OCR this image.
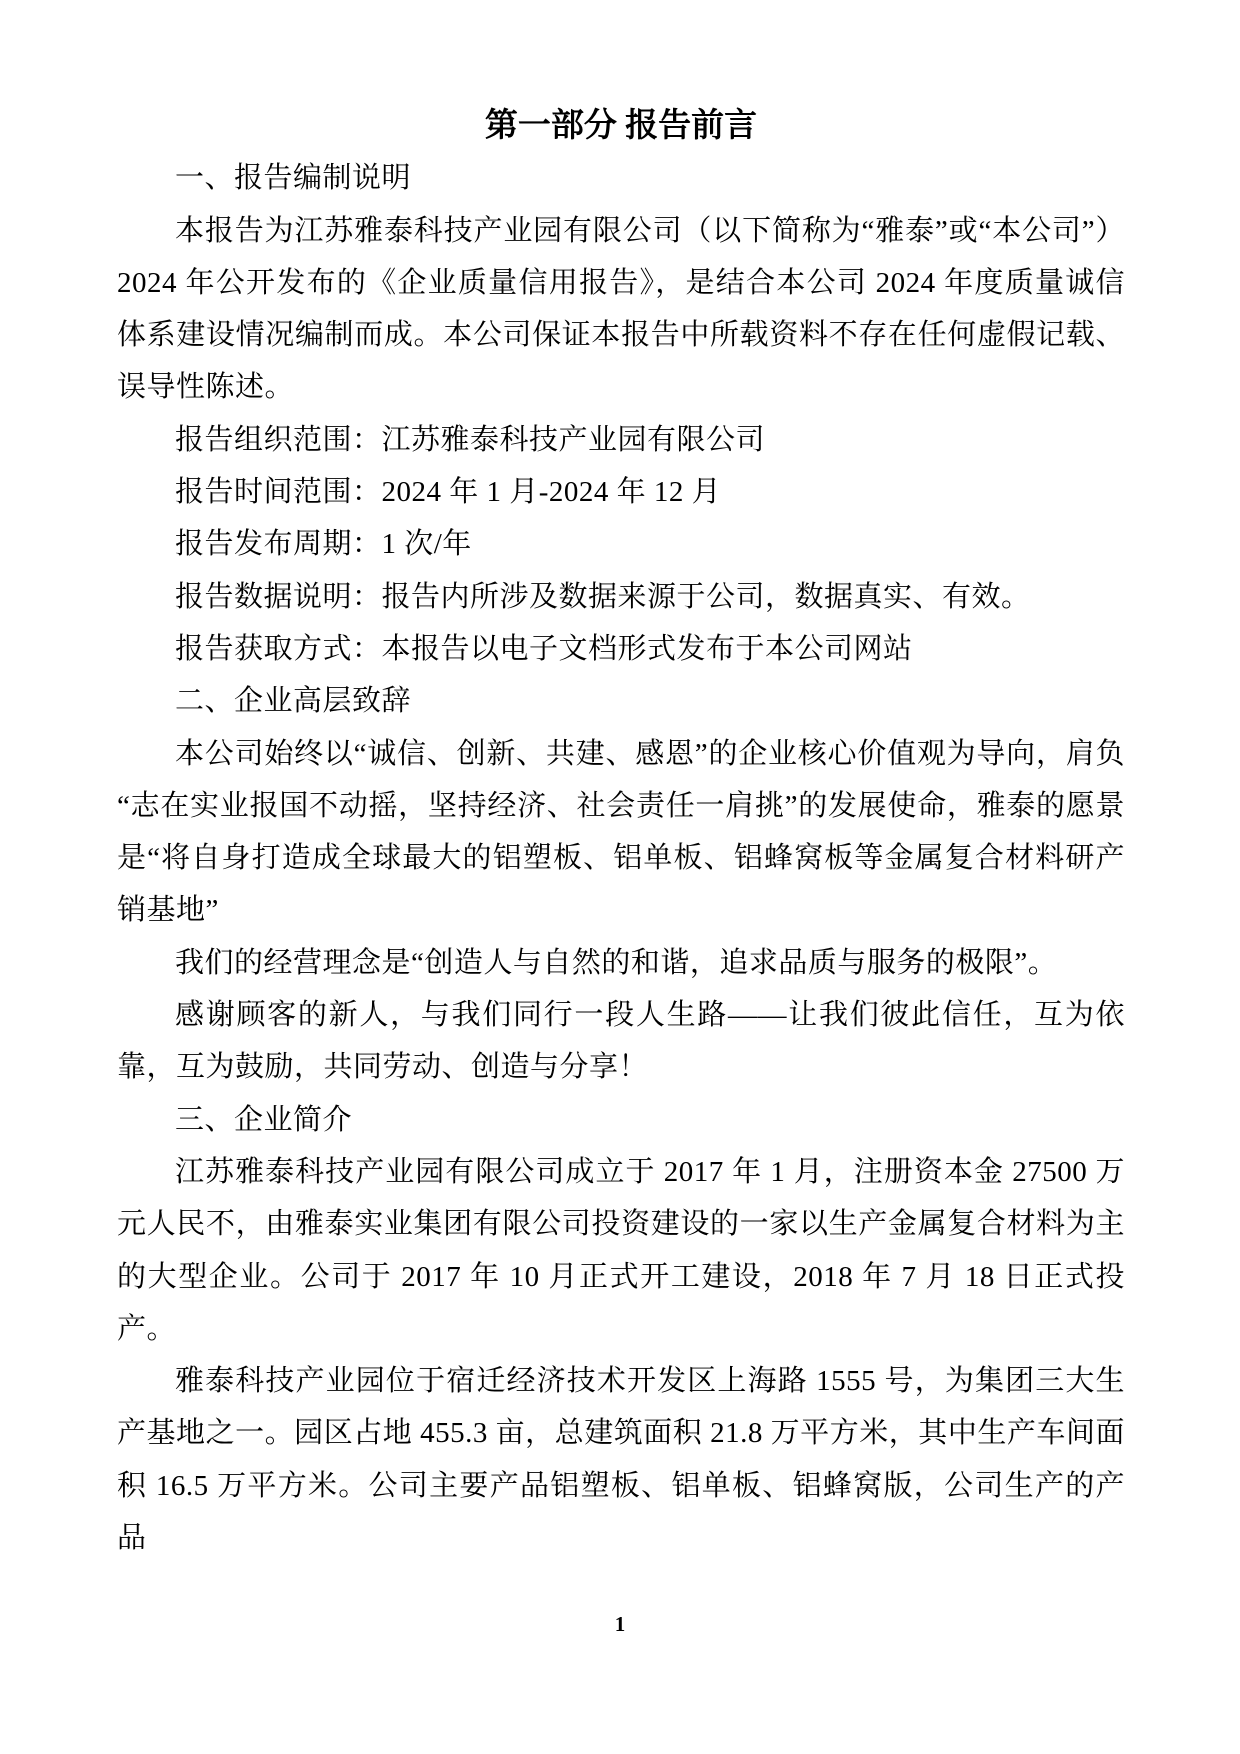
第一部分 报告前言

一、报告编制说明

本报告为江苏雅泰科技产业园有限公司（以下简称为“雅泰”或“本公司”）2024 年公开发布的《企业质量信用报告》，是结合本公司 2024 年度质量诚信体系建设情况编制而成。本公司保证本报告中所载资料不存在任何虚假记载、误导性陈述。

报告组织范围：江苏雅泰科技产业园有限公司

报告时间范围：2024 年 1 月-2024 年 12 月

报告发布周期：1 次/年

报告数据说明：报告内所涉及数据来源于公司，数据真实、有效。

报告获取方式：本报告以电子文档形式发布于本公司网站

二、企业高层致辞

本公司始终以“诚信、创新、共建、感恩”的企业核心价值观为导向，肩负“志在实业报国不动摇，坚持经济、社会责任一肩挑”的发展使命，雅泰的愿景是“将自身打造成全球最大的铝塑板、铝单板、铝蜂窝板等金属复合材料研产销基地”

我们的经营理念是“创造人与自然的和谐，追求品质与服务的极限”。

感谢顾客的新人，与我们同行一段人生路——让我们彼此信任，互为依靠，互为鼓励，共同劳动、创造与分享！

三、企业简介

江苏雅泰科技产业园有限公司成立于 2017 年 1 月，注册资本金 27500 万元人民不，由雅泰实业集团有限公司投资建设的一家以生产金属复合材料为主的大型企业。公司于 2017 年 10 月正式开工建设，2018 年 7 月 18 日正式投产。

雅泰科技产业园位于宿迁经济技术开发区上海路 1555 号，为集团三大生产基地之一。园区占地 455.3 亩，总建筑面积 21.8 万平方米，其中生产车间面积 16.5 万平方米。公司主要产品铝塑板、铝单板、铝蜂窝版，公司生产的产品

1
